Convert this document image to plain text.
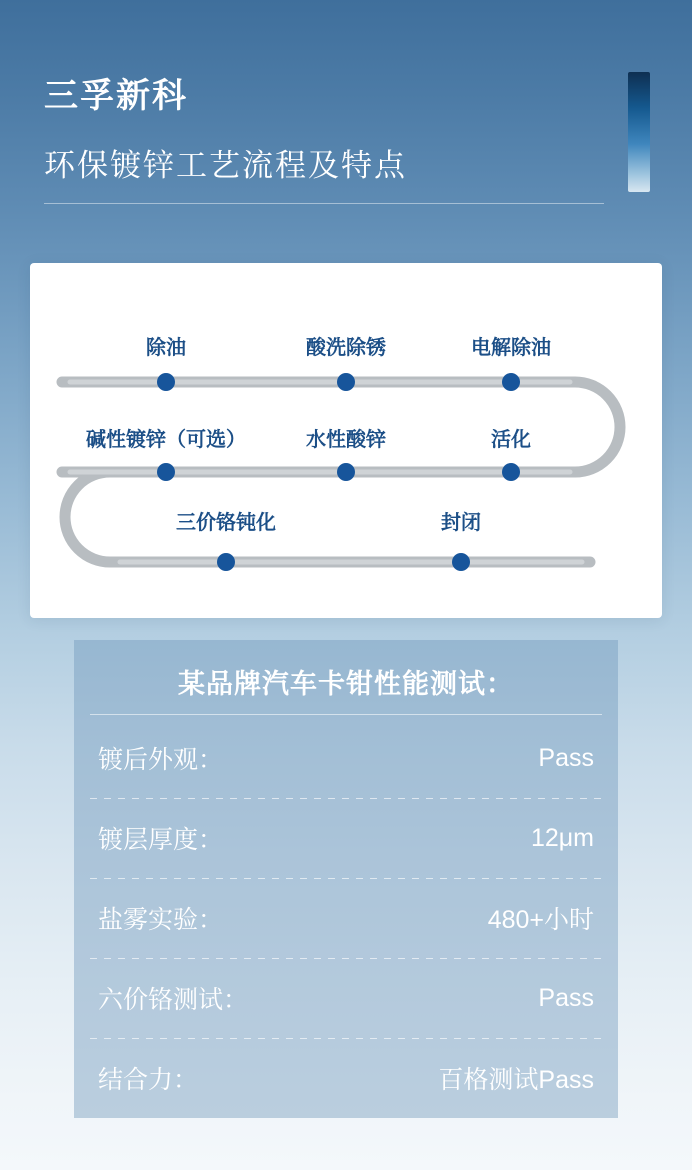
三孚新科
环保镀锌工艺流程及特点
除油	酸洗除锈	电解除油
活化
水性酸锌
碱性镀锌（可选）
三价铬钝化	封闭
某品牌汽车卡钳性能测试：
镀后外观：	Pass
镀层厚度：	12μm
盐雾实验：	480+小时
六价铬测试：	Pass
结合力：	百格测试Pass
